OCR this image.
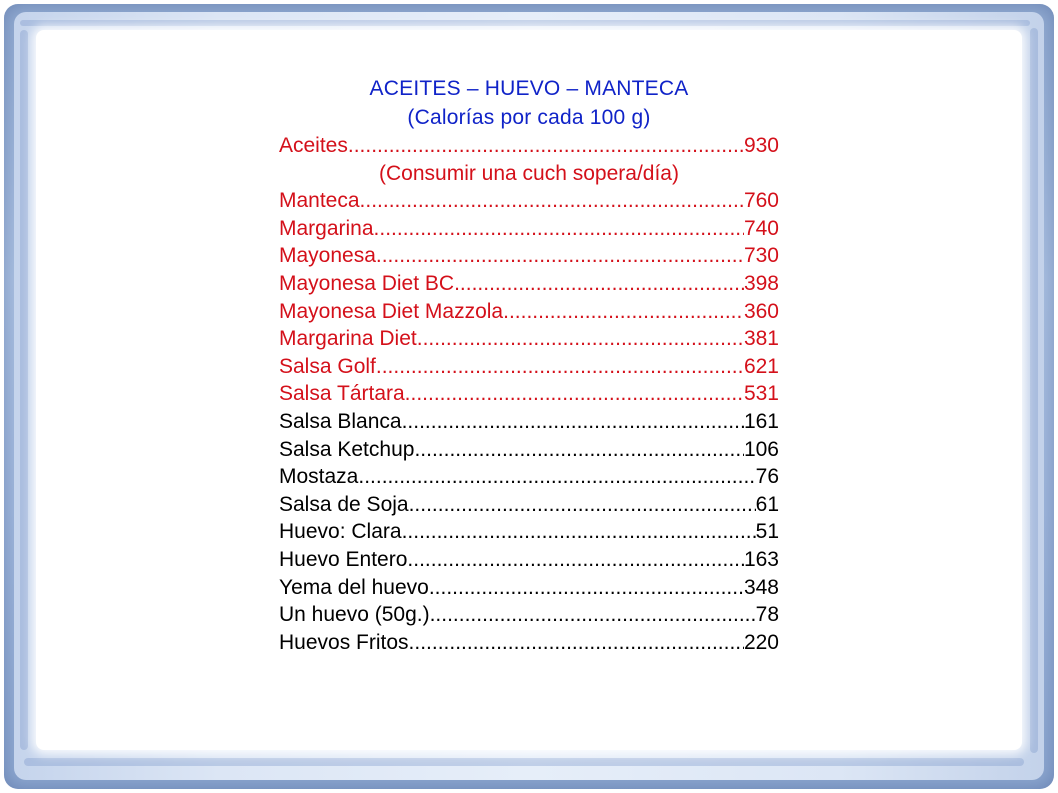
ACEITES – HUEVO – MANTECA
(Calorías por cada 100 g)
Aceites .....	930
(Consumir una cuch sopera/día)
Manteca .....	760
Margarina .....	740
Mayonesa .....	730
Mayonesa Diet BC .....	398
Mayonesa Diet Mazzola .....	360
Margarina Diet .....	381
Salsa Golf .....	621
Salsa Tártara .....	531
Salsa Blanca .....	161
Salsa Ketchup .....	106
Mostaza .....	76
Salsa de Soja .....	61
Huevo: Clara .....	51
Huevo Entero .....	163
Yema del huevo .....	348
Un huevo (50g.) .....	78
Huevos Fritos .....	220
